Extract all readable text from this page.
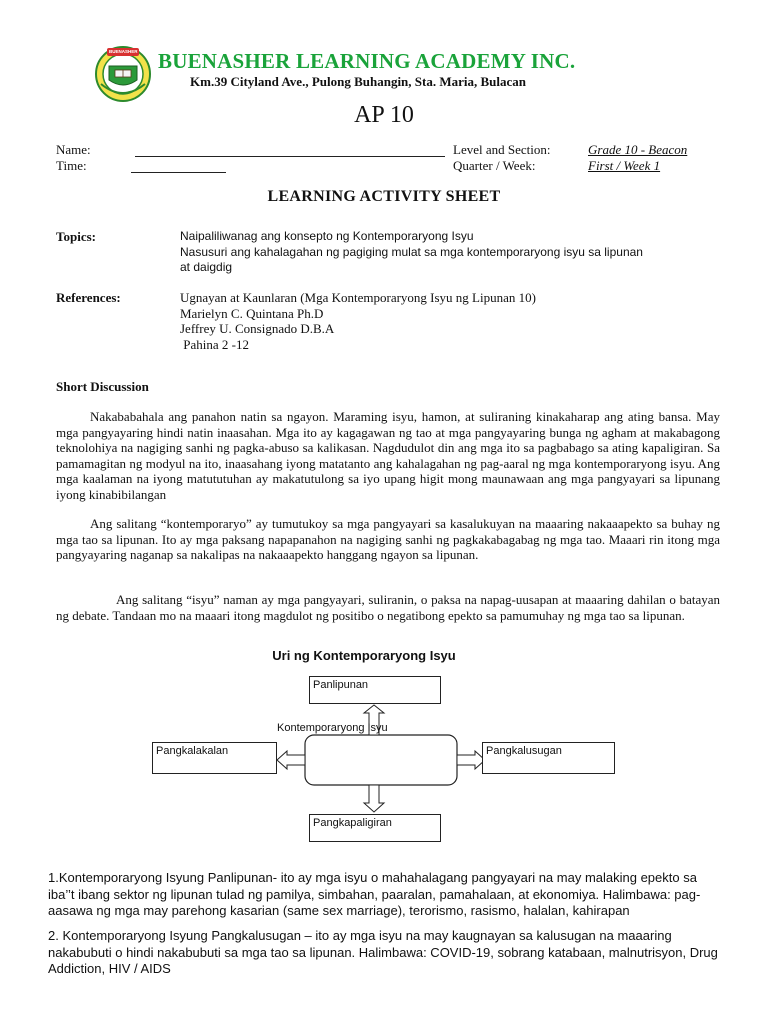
BUENASHER BUENASHER LEARNING ACADEMY INC.
Km.39 Cityland Ave., Pulong Buhangin, Sta. Maria, Bulacan
AP 10
Name:
Time:
Level and Section:	Grade 10 - Beacon
Quarter / Week:	First / Week 1
LEARNING ACTIVITY SHEET
Topics:	Naipaliliwanag ang konsepto ng Kontemporaryong Isyu
Nasusuri ang kahalagahan ng pagiging mulat sa mga kontemporaryong isyu sa lipunan
at daigdig
References:	Ugnayan at Kaunlaran (Mga Kontemporaryong Isyu ng Lipunan 10)
Marielyn C. Quintana Ph.D
Jeffrey U. Consignado D.B.A
Pahina 2 -12
Short Discussion
Nakababahala ang panahon natin sa ngayon. Maraming isyu, hamon, at suliraning kinakaharap ang ating bansa. May mga pangyayaring hindi natin inaasahan. Mga ito ay kagagawan ng tao at mga pangyayaring bunga ng agham at makabagong teknolohiya na nagiging sanhi ng pagka-abuso sa kalikasan. Nagdudulot din ang mga ito sa pagbabago sa ating kapaligiran. Sa pamamagitan ng modyul na ito, inaasahang iyong matatanto ang kahalagahan ng pag-aaral ng mga kontemporaryong isyu. Ang mga kaalaman na iyong matututuhan ay makatutulong sa iyo upang higit mong maunawaan ang mga pangyayari sa lipunang iyong kinabibilangan
Ang salitang “kontemporaryo” ay tumutukoy sa mga pangyayari sa kasalukuyan na maaaring nakaaapekto sa buhay ng mga tao sa lipunan. Ito ay mga paksang napapanahon na nagiging sanhi ng pagkakabagabag ng mga tao. Maaari rin itong mga pangyayaring naganap sa nakalipas na nakaaapekto hanggang ngayon sa lipunan.
Ang salitang “isyu” naman ay mga pangyayari, suliranin, o paksa na napag-uusapan at maaaring dahilan o batayan ng debate. Tandaan mo na maaari itong magdulot ng positibo o negatibong epekto sa pamumuhay ng mga tao sa lipunan.
Uri ng Kontemporaryong Isyu
Kontemporaryong Isyu
Panlipunan
Pangkalakalan	Pangkalusugan
Pangkapaligiran
1.Kontemporaryong Isyung Panlipunan- ito ay mga isyu o mahahalagang pangyayari na may malaking epekto sa iba’’t ibang sektor ng lipunan tulad ng pamilya, simbahan, paaralan, pamahalaan, at ekonomiya. Halimbawa: pag-aasawa ng mga may parehong kasarian (same sex marriage), terorismo, rasismo, halalan, kahirapan
2. Kontemporaryong Isyung Pangkalusugan – ito ay mga isyu na may kaugnayan sa kalusugan na maaaring nakabubuti o hindi nakabubuti sa mga tao sa lipunan. Halimbawa: COVID-19, sobrang katabaan, malnutrisyon, Drug Addiction, HIV / AIDS
